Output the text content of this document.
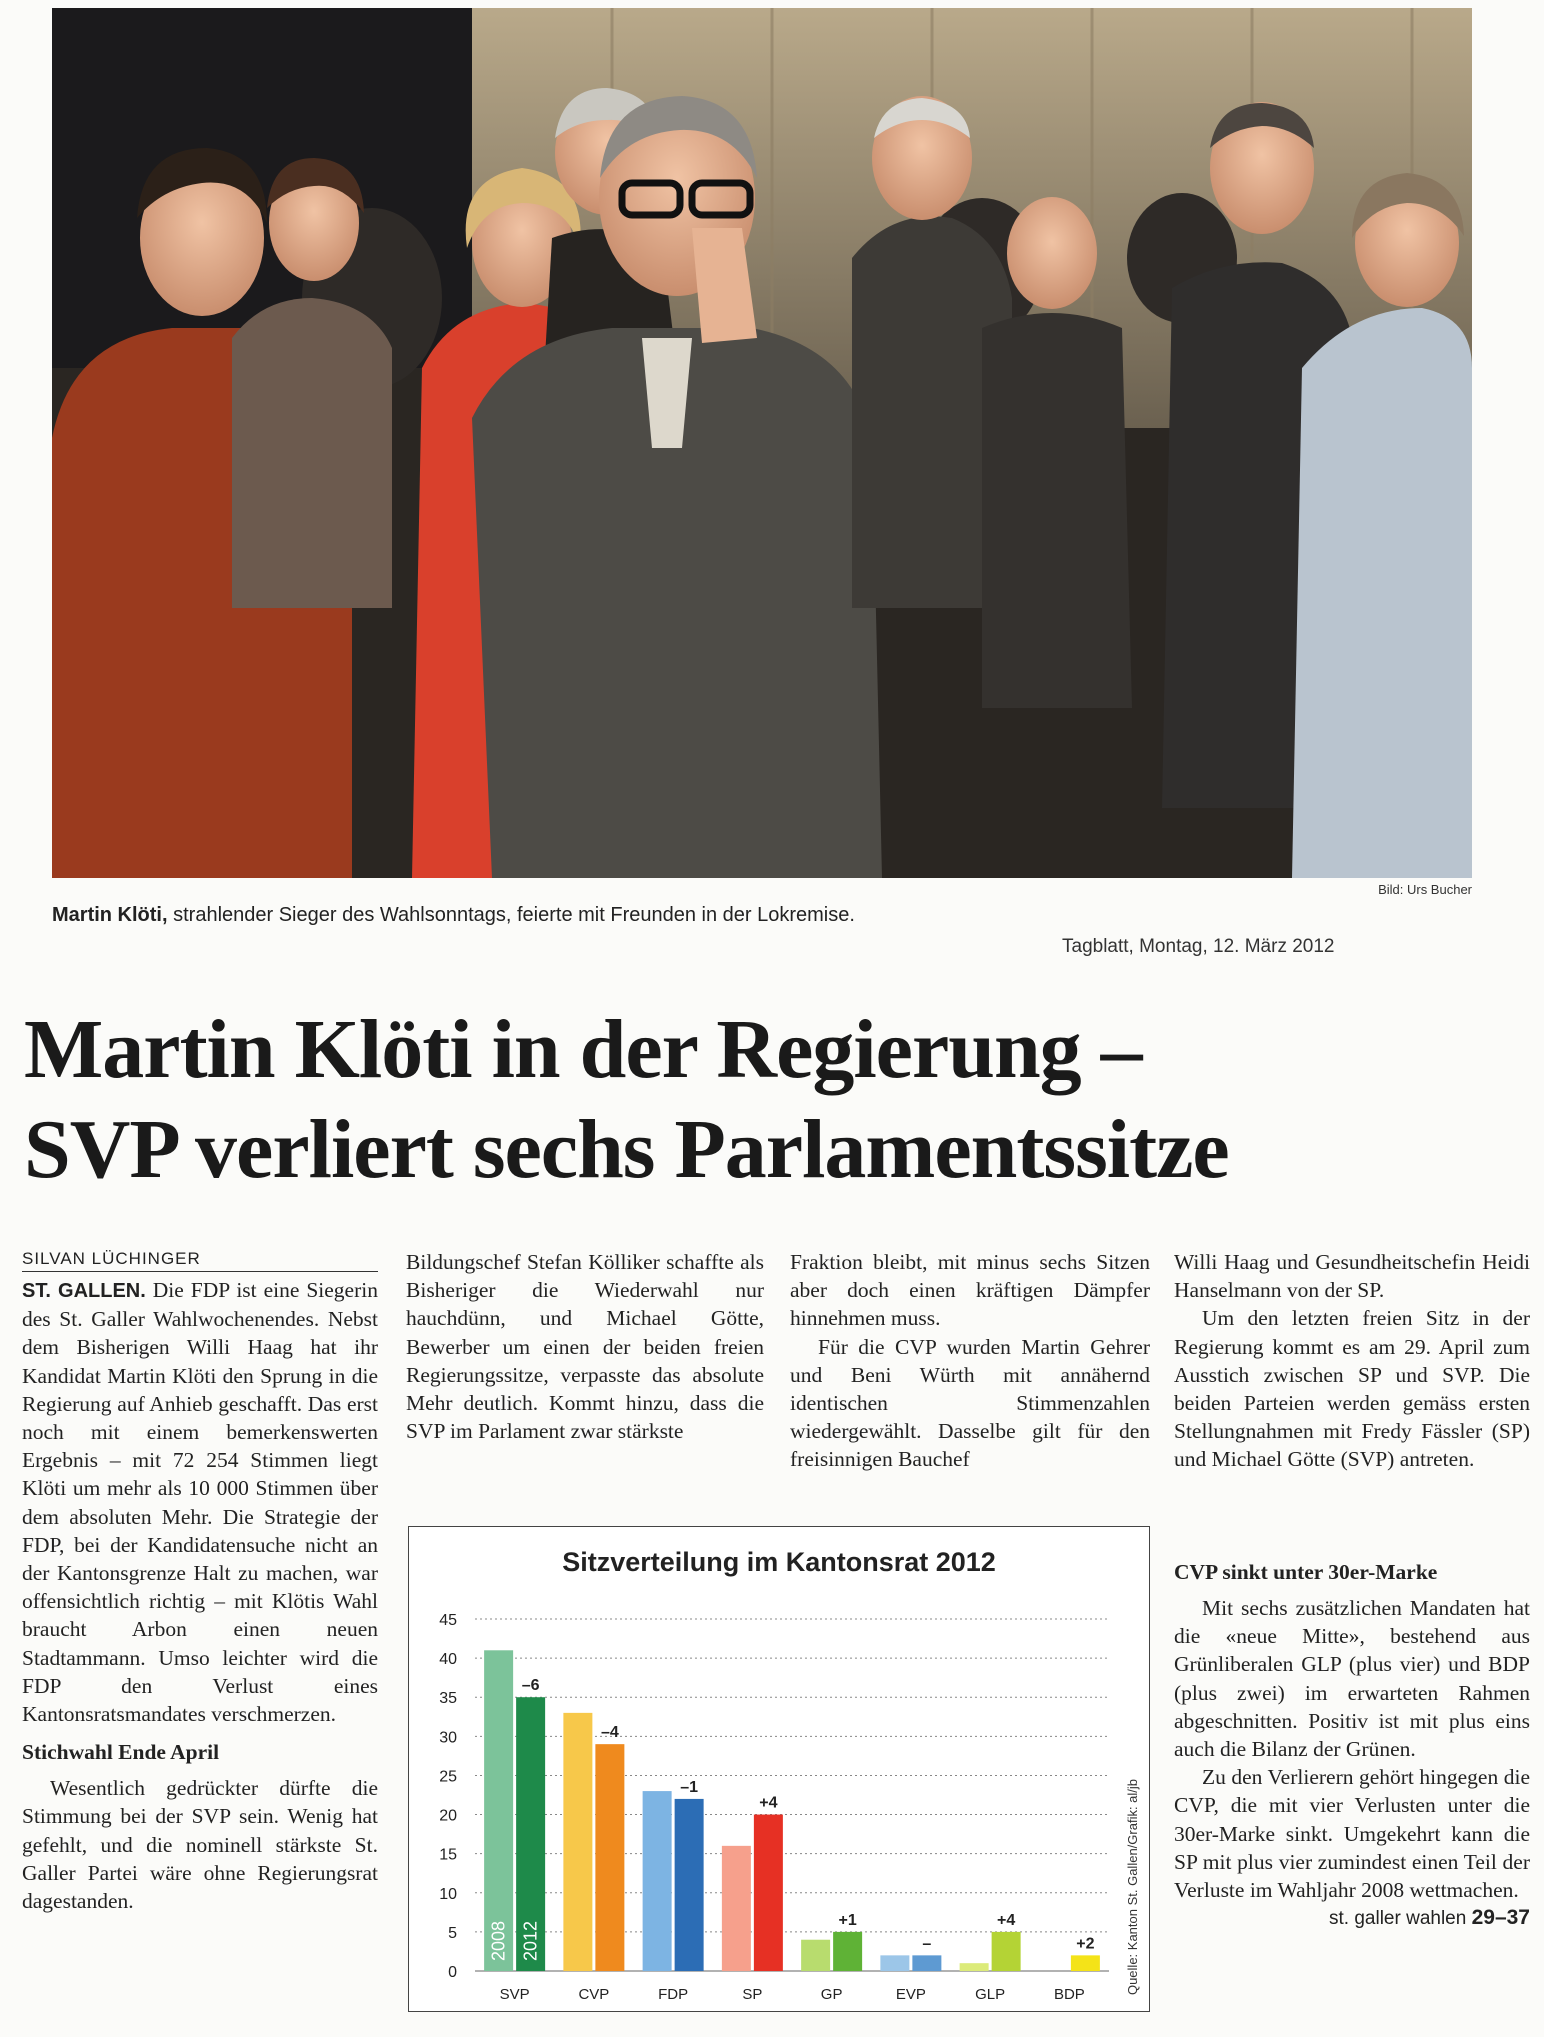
Bild: Urs Bucher
Martin Klöti, strahlender Sieger des Wahlsonntags, feierte mit Freunden in der Lokremise.
Tagblatt, Montag, 12. März 2012
Martin Klöti in der Regierung –
SVP verliert sechs Parlamentssitze
SILVAN LÜCHINGER

ST. GALLEN. Die FDP ist eine Siegerin des St. Galler Wahlwochenendes. Nebst dem Bisherigen Willi Haag hat ihr Kandidat Martin Klöti den Sprung in die Regierung auf Anhieb geschafft. Das erst noch mit einem bemerkenswerten Ergebnis – mit 72 254 Stimmen liegt Klöti um mehr als 10 000 Stimmen über dem absoluten Mehr. Die Strategie der FDP, bei der Kandidatensuche nicht an der Kantonsgrenze Halt zu machen, war offensichtlich richtig – mit Klötis Wahl braucht Arbon einen neuen Stadtammann. Umso leichter wird die FDP den Verlust eines Kantonsratsmandates verschmerzen.

Stichwahl Ende April

Wesentlich gedrückter dürfte die Stimmung bei der SVP sein. Wenig hat gefehlt, und die nominell stärkste St. Galler Partei wäre ohne Regierungsrat dagestanden.

Bildungschef Stefan Kölliker schaffte als Bisheriger die Wiederwahl nur hauchdünn, und Michael Götte, Bewerber um einen der beiden freien Regierungssitze, verpasste das absolute Mehr deutlich. Kommt hinzu, dass die SVP im Parlament zwar stärkste

Fraktion bleibt, mit minus sechs Sitzen aber doch einen kräftigen Dämpfer hinnehmen muss.

Für die CVP wurden Martin Gehrer und Beni Würth mit annähernd identischen Stimmenzahlen wiedergewählt. Dasselbe gilt für den freisinnigen Bauchef

Willi Haag und Gesundheitschefin Heidi Hanselmann von der SP.

Um den letzten freien Sitz in der Regierung kommt es am 29. April zum Ausstich zwischen SP und SVP. Die beiden Parteien werden gemäss ersten Stellungnahmen mit Fredy Fässler (SP) und Michael Götte (SVP) antreten.

CVP sinkt unter 30er-Marke

Mit sechs zusätzlichen Mandaten hat die «neue Mitte», bestehend aus Grünliberalen GLP (plus vier) und BDP (plus zwei) im erwarteten Rahmen abgeschnitten. Positiv ist mit plus eins auch die Bilanz der Grünen.

Zu den Verlierern gehört hingegen die CVP, die mit vier Verlusten unter die 30er-Marke sinkt. Umgekehrt kann die SP mit plus vier zumindest einen Teil der Verluste im Wahljahr 2008 wettmachen.

st. galler wahlen 29–37
Sitzverteilung im Kantonsrat 2012
0
5
10
15
20
25
30
35
40
45
2008 2012
–6
SVP
–4
CVP
–1
FDP
+4
SP
+1
GP
–
EVP
+4
GLP
+2
BDP	Quelle: Kanton St. Gallen/Grafik: al/jb
